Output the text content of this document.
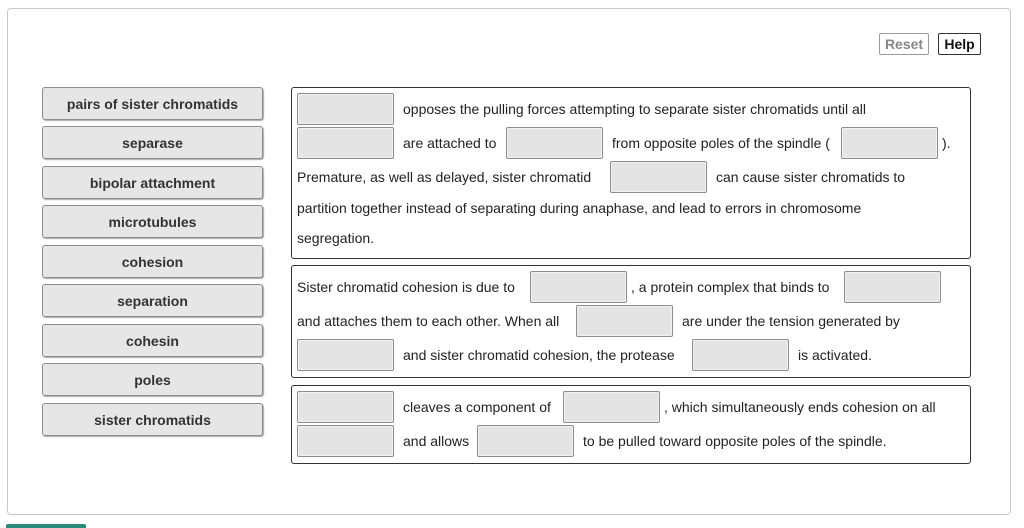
Reset	Help
pairs of sister chromatids
separase
bipolar attachment
microtubules
cohesion
separation
cohesin
poles
sister chromatids
opposes the pulling forces attempting to separate sister chromatids until all
are attached to	from opposite poles of the spindle (	).
Premature, as well as delayed, sister chromatid	can cause sister chromatids to
partition together instead of separating during anaphase, and lead to errors in chromosome
segregation.
Sister chromatid cohesion is due to	, a protein complex that binds to
and attaches them to each other. When all	are under the tension generated by
and sister chromatid cohesion, the protease	is activated.
cleaves a component of	, which simultaneously ends cohesion on all
and allows	to be pulled toward opposite poles of the spindle.
